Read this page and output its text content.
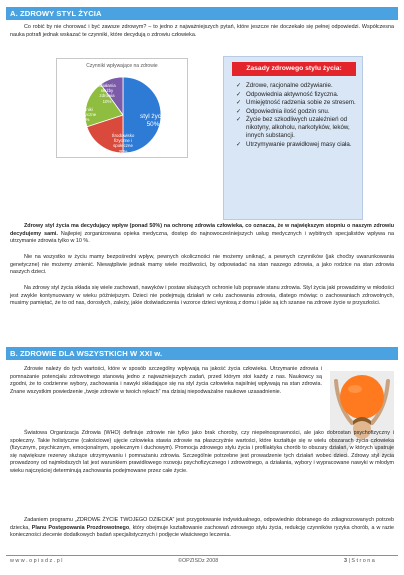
A. ZDROWY STYL ŻYCIA
Co robić by nie chorować i być zawsze zdrowym? – to jedno z najważniejszych pytań, które jeszcze nie doczekało się pełnej odpowiedzi. Współczesna nauka potrafi jednak wskazać te czynniki, które decydują o zdrowiu człowieka.
Czynniki wpływające na zdrowie
styl życia 50%
Środowisko fizyczne i społeczne 20%
czynniki genetyczne 20%
działania służby zdrowia 10%
Zasady zdrowego stylu życia:
✓ Zdrowe, racjonalne odżywianie.
✓ Odpowiednia aktywność fizyczna.
✓ Umiejętność radzenia sobie ze stresem.
✓ Odpowiednia ilość godzin snu.
✓ Życie bez szkodliwych uzależnień od nikotyny, alkoholu, narkotyków, leków, innych substancji.
✓ Utrzymywanie prawidłowej masy ciała.
Zdrowy styl życia ma decydujący wpływ (ponad 50%) na ochronę zdrowia człowieka, co oznacza, że w największym stopniu o naszym zdrowiu decydujemy sami. Najlepiej zorganizowana opieka medyczna, dostęp do najnowocześniejszych usług medycznych i wybitnych specjalistów wpływa na utrzymanie zdrowia tylko w 10 %.
Nie na wszystko w życiu mamy bezpośredni wpływ, pewnych okoliczności nie możemy uniknąć, a pewnych czynników (jak choćby uwarunkowania genetyczne) nie możemy zmienić. Niewątpliwie jednak mamy wiele możliwości, by odpowiadać na stan naszego zdrowia, a jako rodzice na stan zdrowia naszych dzieci.
Na zdrowy styl życia składa się wiele zachowań, nawyków i postaw służących ochronie lub poprawie stanu zdrowia. Styl życia jaki prowadzimy w młodości jest zwykle kontynuowany w wieku późniejszym. Dzieci nie podejmują działań w celu zachowania zdrowia, dlatego mówiąc o zachowaniach zdrowotnych, musimy pamiętać, że to od nas, dorosłych, zależy, jakie doświadczenia i wzorce dzieci wyniosą z domu i jakie są ich szanse na zdrowe życie w przyszłości.
B. ZDROWIE DLA WSZYSTKICH W XXI w.
Zdrowie należy do tych wartości, które w sposób szczególny wpływają na jakość życia człowieka. Utrzymanie zdrowia i pomnażanie potencjału zdrowotnego stanowią jedno z najważniejszych zadań, przed którym stoi każdy z nas. Naukowcy są zgodni, że to codzienne wybory, zachowania i nawyki składające się na styl życia człowieka najsilniej wpływają na stan zdrowia. Znane wszystkim powiedzenie „twoje zdrowie w twoich rękach” ma dzisiaj niepodważalne naukowe uzasadnienie.
Światowa Organizacja Zdrowia (WHO) definiuje zdrowie nie tylko jako brak choroby, czy niepełnosprawności, ale jako dobrostan psychofizyczny i społeczny. Takie holistyczne (całościowe) ujęcie człowieka stawia zdrowie na płaszczyźnie wartości, które kształtuje się w wielu obszarach życia człowieka (fizycznym, psychicznym, emocjonalnym, społecznym i duchowym). Promocja zdrowego stylu życia i profilaktyka chorób to obszary działań, w których upatruje się największe rezerwy służące utrzymywaniu i pomnażaniu zdrowia. Szczególnie potrzebne jest prowadzenie tych działań wobec dzieci. Zdrowy styl życia prowadzony od najmłodszych lat jest warunkiem prawidłowego rozwoju psychofizycznego i zdrowotnego, a działania, wybory i wypracowane nawyki w młodym wieku najczęściej determinują zachowania podejmowane przez całe życie.
Zadaniem programu „ZDROWE ŻYCIE TWOJEGO DZIECKA” jest przygotowanie indywidualnego, odpowiednio dobranego do zdiagnozowanych potrzeb dziecka, Planu Postępowania Prozdrowotnego, który obejmuje kształtowanie zachowań zdrowego stylu życia, redukcję czynników ryzyka chorób, a w razie konieczności zlecenie dodatkowych badań specjalistycznych i podjęcie właściwego leczenia.
w w w . o p i s d z . p l	©OPZISDz 2008	3 | S t r o n a
